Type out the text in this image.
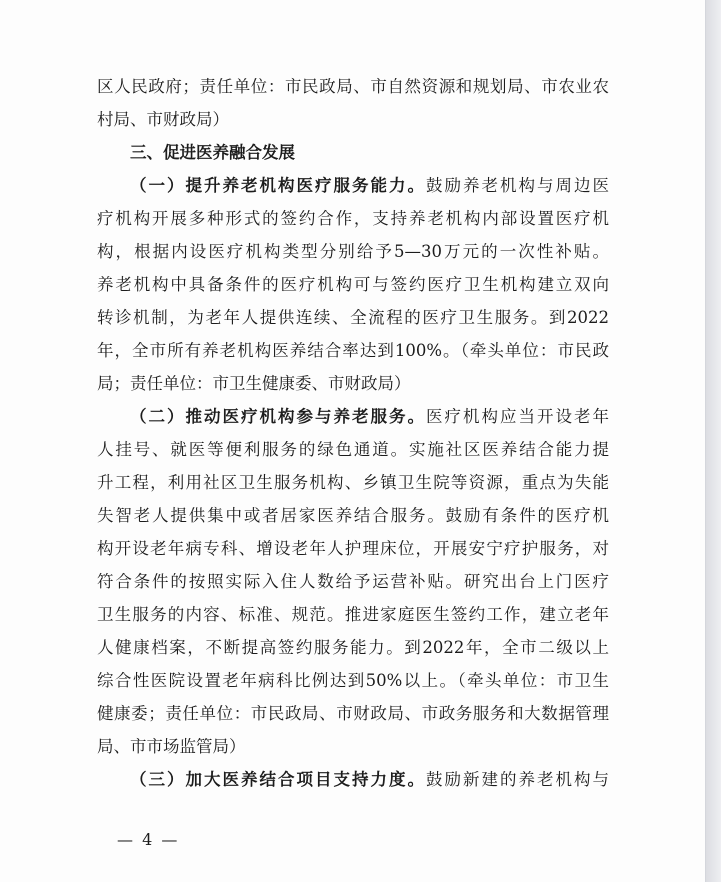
区人民政府；责任单位：市民政局、市自然资源和规划局、市农业农
村局、市财政局）
三、促进医养融合发展
（一）提升养老机构医疗服务能力。鼓励养老机构与周边医
疗机构开展多种形式的签约合作，支持养老机构内部设置医疗机
构，根据内设医疗机构类型分别给予5—30万元的一次性补贴。
养老机构中具备条件的医疗机构可与签约医疗卫生机构建立双向
转诊机制，为老年人提供连续、全流程的医疗卫生服务。到2022
年，全市所有养老机构医养结合率达到100%。（牵头单位：市民政
局；责任单位：市卫生健康委、市财政局）
（二）推动医疗机构参与养老服务。医疗机构应当开设老年
人挂号、就医等便利服务的绿色通道。实施社区医养结合能力提
升工程，利用社区卫生服务机构、乡镇卫生院等资源，重点为失能
失智老人提供集中或者居家医养结合服务。鼓励有条件的医疗机
构开设老年病专科、增设老年人护理床位，开展安宁疗护服务，对
符合条件的按照实际入住人数给予运营补贴。研究出台上门医疗
卫生服务的内容、标准、规范。推进家庭医生签约工作，建立老年
人健康档案，不断提高签约服务能力。到2022年，全市二级以上
综合性医院设置老年病科比例达到50%以上。（牵头单位：市卫生
健康委；责任单位：市民政局、市财政局、市政务服务和大数据管理
局、市市场监管局）
（三）加大医养结合项目支持力度。鼓励新建的养老机构与
— 4 —
